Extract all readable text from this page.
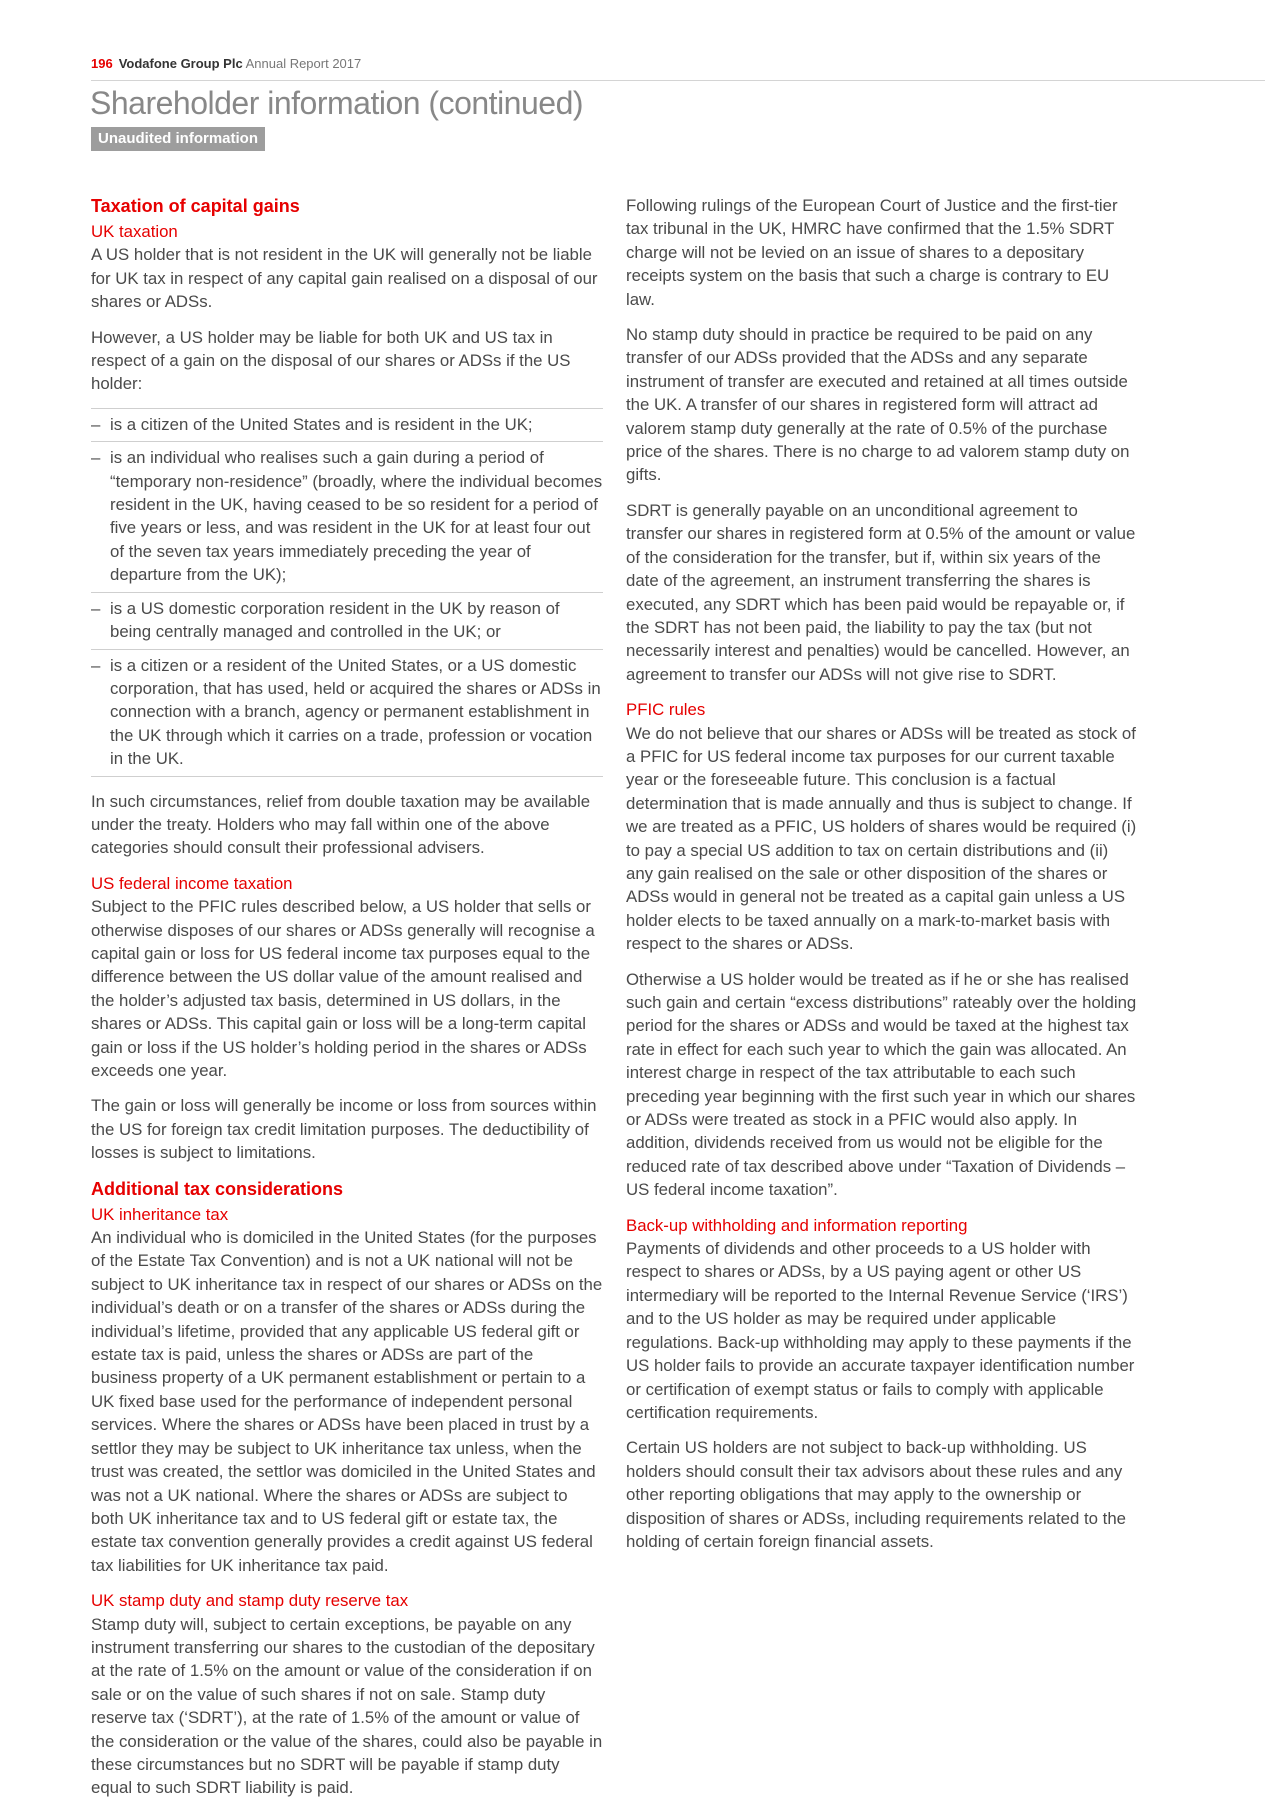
196 Vodafone Group Plc Annual Report 2017
Shareholder information (continued)
Unaudited information
Taxation of capital gains
UK taxation

A US holder that is not resident in the UK will generally not be liable for UK tax in respect of any capital gain realised on a disposal of our shares or ADSs.

However, a US holder may be liable for both UK and US tax in respect of a gain on the disposal of our shares or ADSs if the US holder:

– is a citizen of the United States and is resident in the UK;
– is an individual who realises such a gain during a period of “temporary non-residence” (broadly, where the individual becomes resident in the UK, having ceased to be so resident for a period of five years or less, and was resident in the UK for at least four out of the seven tax years immediately preceding the year of departure from the UK);
– is a US domestic corporation resident in the UK by reason of being centrally managed and controlled in the UK; or
– is a citizen or a resident of the United States, or a US domestic corporation, that has used, held or acquired the shares or ADSs in connection with a branch, agency or permanent establishment in the UK through which it carries on a trade, profession or vocation in the UK.

In such circumstances, relief from double taxation may be available under the treaty. Holders who may fall within one of the above categories should consult their professional advisers.

US federal income taxation

Subject to the PFIC rules described below, a US holder that sells or otherwise disposes of our shares or ADSs generally will recognise a capital gain or loss for US federal income tax purposes equal to the difference between the US dollar value of the amount realised and the holder’s adjusted tax basis, determined in US dollars, in the shares or ADSs. This capital gain or loss will be a long-term capital gain or loss if the US holder’s holding period in the shares or ADSs exceeds one year.

The gain or loss will generally be income or loss from sources within the US for foreign tax credit limitation purposes. The deductibility of losses is subject to limitations.

Additional tax considerations
UK inheritance tax

An individual who is domiciled in the United States (for the purposes of the Estate Tax Convention) and is not a UK national will not be subject to UK inheritance tax in respect of our shares or ADSs on the individual’s death or on a transfer of the shares or ADSs during the individual’s lifetime, provided that any applicable US federal gift or estate tax is paid, unless the shares or ADSs are part of the business property of a UK permanent establishment or pertain to a UK fixed base used for the performance of independent personal services. Where the shares or ADSs have been placed in trust by a settlor they may be subject to UK inheritance tax unless, when the trust was created, the settlor was domiciled in the United States and was not a UK national. Where the shares or ADSs are subject to both UK inheritance tax and to US federal gift or estate tax, the estate tax convention generally provides a credit against US federal tax liabilities for UK inheritance tax paid.

UK stamp duty and stamp duty reserve tax

Stamp duty will, subject to certain exceptions, be payable on any instrument transferring our shares to the custodian of the depositary at the rate of 1.5% on the amount or value of the consideration if on sale or on the value of such shares if not on sale. Stamp duty reserve tax (‘SDRT’), at the rate of 1.5% of the amount or value of the consideration or the value of the shares, could also be payable in these circumstances but no SDRT will be payable if stamp duty equal to such SDRT liability is paid.

Following rulings of the European Court of Justice and the first-tier tax tribunal in the UK, HMRC have confirmed that the 1.5% SDRT charge will not be levied on an issue of shares to a depositary receipts system on the basis that such a charge is contrary to EU law.

No stamp duty should in practice be required to be paid on any transfer of our ADSs provided that the ADSs and any separate instrument of transfer are executed and retained at all times outside the UK. A transfer of our shares in registered form will attract ad valorem stamp duty generally at the rate of 0.5% of the purchase price of the shares. There is no charge to ad valorem stamp duty on gifts.

SDRT is generally payable on an unconditional agreement to transfer our shares in registered form at 0.5% of the amount or value of the consideration for the transfer, but if, within six years of the date of the agreement, an instrument transferring the shares is executed, any SDRT which has been paid would be repayable or, if the SDRT has not been paid, the liability to pay the tax (but not necessarily interest and penalties) would be cancelled. However, an agreement to transfer our ADSs will not give rise to SDRT.

PFIC rules

We do not believe that our shares or ADSs will be treated as stock of a PFIC for US federal income tax purposes for our current taxable year or the foreseeable future. This conclusion is a factual determination that is made annually and thus is subject to change. If we are treated as a PFIC, US holders of shares would be required (i) to pay a special US addition to tax on certain distributions and (ii) any gain realised on the sale or other disposition of the shares or ADSs would in general not be treated as a capital gain unless a US holder elects to be taxed annually on a mark-to-market basis with respect to the shares or ADSs.

Otherwise a US holder would be treated as if he or she has realised such gain and certain “excess distributions” rateably over the holding period for the shares or ADSs and would be taxed at the highest tax rate in effect for each such year to which the gain was allocated. An interest charge in respect of the tax attributable to each such preceding year beginning with the first such year in which our shares or ADSs were treated as stock in a PFIC would also apply. In addition, dividends received from us would not be eligible for the reduced rate of tax described above under “Taxation of Dividends – US federal income taxation”.

Back-up withholding and information reporting

Payments of dividends and other proceeds to a US holder with respect to shares or ADSs, by a US paying agent or other US intermediary will be reported to the Internal Revenue Service (‘IRS’) and to the US holder as may be required under applicable regulations. Back-up withholding may apply to these payments if the US holder fails to provide an accurate taxpayer identification number or certification of exempt status or fails to comply with applicable certification requirements.

Certain US holders are not subject to back-up withholding. US holders should consult their tax advisors about these rules and any other reporting obligations that may apply to the ownership or disposition of shares or ADSs, including requirements related to the holding of certain foreign financial assets.
